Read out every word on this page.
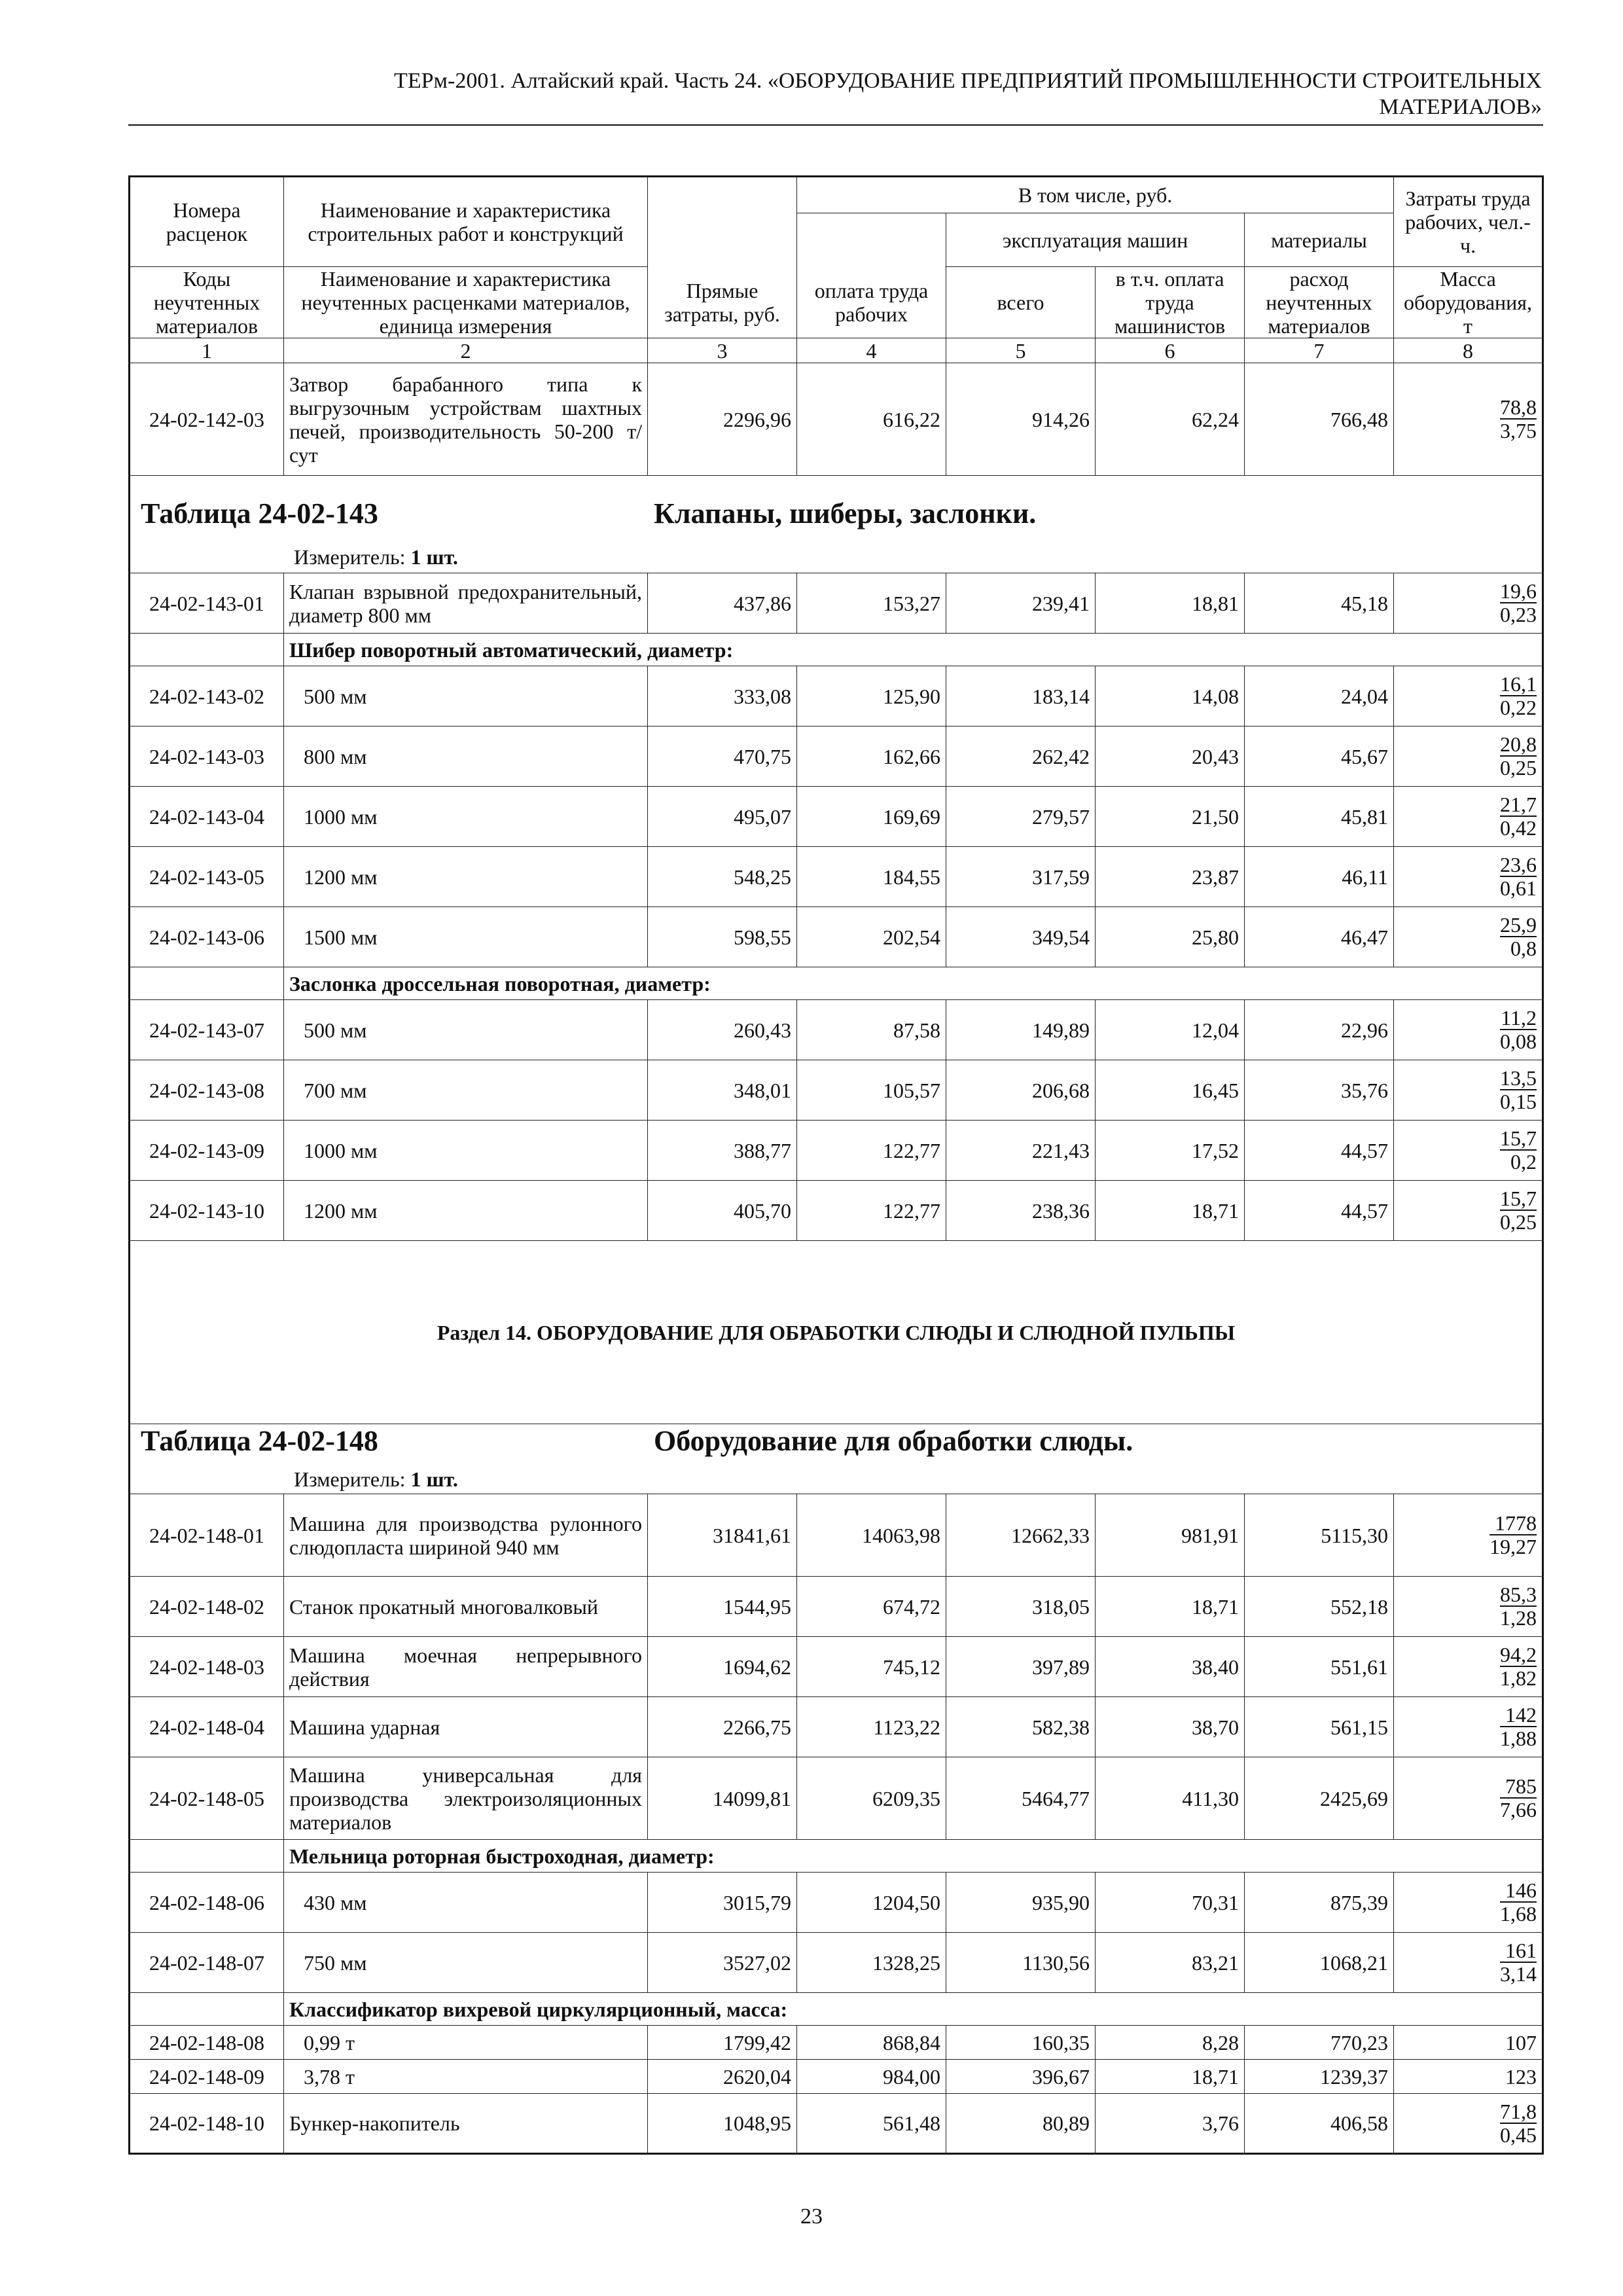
ТЕРм-2001. Алтайский край. Часть 24. «ОБОРУДОВАНИЕ ПРЕДПРИЯТИЙ ПРОМЫШЛЕННОСТИ СТРОИТЕЛЬНЫХ
МАТЕРИАЛОВ»
Номера расценок	Наименование и характеристика строительных работ и конструкций	Прямые затраты, руб.	В том числе, руб.				Затраты труда рабочих, чел.-ч.
				эксплуатация машин		материалы	
Коды неучтенных материалов	Наименование и характеристика неучтенных расценками материалов, единица измерения		оплата труда рабочих	всего	в т.ч. оплата труда машинистов	расход неучтенных материалов	Масса оборудования, т
1	2	3	4	5	6	7	8
24-02-142-03	Затвор барабанного типа к выгрузочным устройствам шахтных печей, производительность 50-200 т/сут	2296,96	616,22	914,26	62,24	766,48	$\frac{78,8}{3,75}$

Таблица 24-02-143 Клапаны, шиберы, заслонки.
Измеритель: 1 шт.							

24-02-143-01	Клапан взрывной предохранительный, диаметр 800 мм	437,86	153,27	239,41	18,81	45,18	$\frac{19,6}{0,23}$

	Шибер поворотный автоматический, диаметр:						
24-02-143-02	500 мм	333,08	125,90	183,14	14,08	24,04	$\frac{16,1}{0,22}$

24-02-143-03	800 мм	470,75	162,66	262,42	20,43	45,67	$\frac{20,8}{0,25}$

24-02-143-04	1000 мм	495,07	169,69	279,57	21,50	45,81	$\frac{21,7}{0,42}$

24-02-143-05	1200 мм	548,25	184,55	317,59	23,87	46,11	$\frac{23,6}{0,61}$

24-02-143-06	1500 мм	598,55	202,54	349,54	25,80	46,47	$\frac{25,9}{0,8}$

	Заслонка дроссельная поворотная, диаметр:						
24-02-143-07	500 мм	260,43	87,58	149,89	12,04	22,96	$\frac{11,2}{0,08}$

24-02-143-08	700 мм	348,01	105,57	206,68	16,45	35,76	$\frac{13,5}{0,15}$

24-02-143-09	1000 мм	388,77	122,77	221,43	17,52	44,57	$\frac{15,7}{0,2}$

24-02-143-10	1200 мм	405,70	122,77	238,36	18,71	44,57	$\frac{15,7}{0,25}$

Раздел 14. ОБОРУДОВАНИЕ ДЛЯ ОБРАБОТКИ СЛЮДЫ И СЛЮДНОЙ ПУЛЬПЫ							

Таблица 24-02-148 Оборудование для обработки слюды.
Измеритель: 1 шт.							

24-02-148-01	Машина для производства рулонного слюдопласта шириной 940 мм	31841,61	14063,98	12662,33	981,91	5115,30	$\frac{1778}{19,27}$

24-02-148-02	Станок прокатный многовалковый	1544,95	674,72	318,05	18,71	552,18	$\frac{85,3}{1,28}$

24-02-148-03	Машина моечная непрерывного действия	1694,62	745,12	397,89	38,40	551,61	$\frac{94,2}{1,82}$

24-02-148-04	Машина ударная	2266,75	1123,22	582,38	38,70	561,15	$\frac{142}{1,88}$

24-02-148-05	Машина универсальная для производства электроизоляционных материалов	14099,81	6209,35	5464,77	411,30	2425,69	$\frac{785}{7,66}$

	Мельница роторная быстроходная, диаметр:						
24-02-148-06	430 мм	3015,79	1204,50	935,90	70,31	875,39	$\frac{146}{1,68}$

24-02-148-07	750 мм	3527,02	1328,25	1130,56	83,21	1068,21	$\frac{161}{3,14}$

	Классификатор вихревой циркулярционный, масса:						
24-02-148-08	0,99 т	1799,42	868,84	160,35	8,28	770,23	107
24-02-148-09	3,78 т	2620,04	984,00	396,67	18,71	1239,37	123
24-02-148-10	Бункер-накопитель	1048,95	561,48	80,89	3,76	406,58	$\frac{71,8}{0,45}$
23
